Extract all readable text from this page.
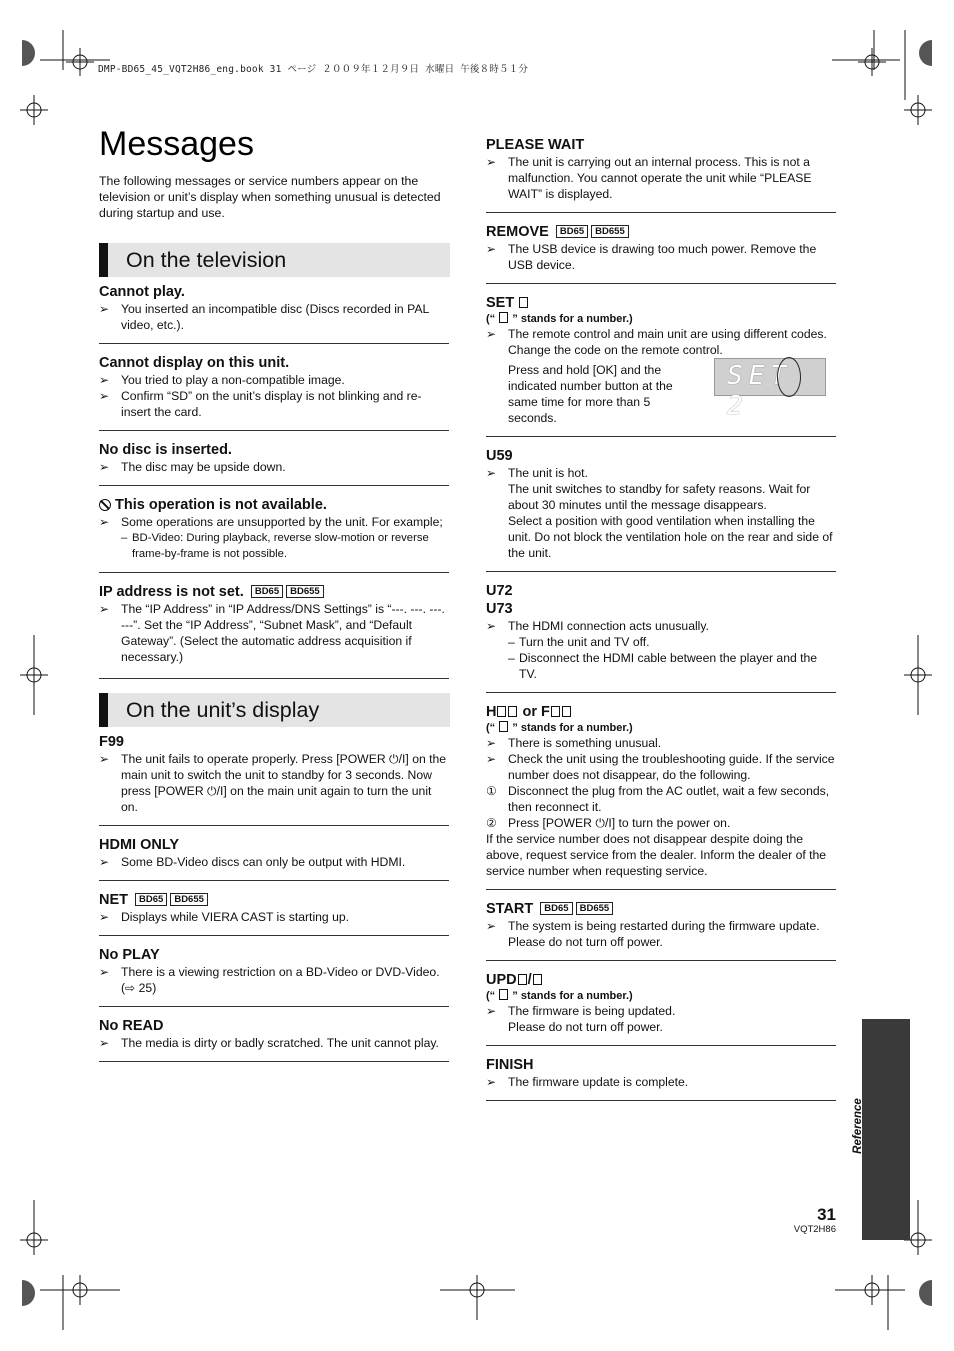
DMP-BD65_45_VQT2H86_eng.book 31 ページ ２００９年１２月９日 水曜日 午後８時５１分
Messages
The following messages or service numbers appear on the television or unit’s display when something unusual is detected during startup and use.
On the television
Cannot play.
➢ You inserted an incompatible disc (Discs recorded in PAL video, etc.).
Cannot display on this unit.
➢ You tried to play a non-compatible image.
➢ Confirm “SD” on the unit’s display is not blinking and re-insert the card.
No disc is inserted.
➢ The disc may be upside down.
This operation is not available.
➢ Some operations are unsupported by the unit. For example;
– BD-Video: During playback, reverse slow-motion or reverse frame-by-frame is not possible.
IP address is not set. BD65 BD655
➢ The “IP Address” in “IP Address/DNS Settings” is “---. ---. ---. ---”. Set the “IP Address”, “Subnet Mask”, and “Default Gateway”. (Select the automatic address acquisition if necessary.)
On the unit’s display
F99
➢ The unit fails to operate properly. Press [POWER ⏻/I] on the main unit to switch the unit to standby for 3 seconds. Now press [POWER ⏻/I] on the main unit again to turn the unit on.
HDMI ONLY
➢ Some BD-Video discs can only be output with HDMI.
NET BD65 BD655
➢ Displays while VIERA CAST is starting up.
No PLAY
➢ There is a viewing restriction on a BD-Video or DVD-Video. (⇨ 25)
No READ
➢ The media is dirty or badly scratched. The unit cannot play.
PLEASE WAIT
➢ The unit is carrying out an internal process. This is not a malfunction. You cannot operate the unit while “PLEASE WAIT” is displayed.
REMOVE BD65 BD655
➢ The USB device is drawing too much power. Remove the USB device.
SET
(“ ” stands for a number.)
➢ The remote control and main unit are using different codes. Change the code on the remote control.
Press and hold [OK] and the indicated number button at the same time for more than 5 seconds.
U59
➢ The unit is hot.
The unit switches to standby for safety reasons. Wait for about 30 minutes until the message disappears.
Select a position with good ventilation when installing the unit. Do not block the ventilation hole on the rear and side of the unit.
U72
U73
➢ The HDMI connection acts unusually.
– Turn the unit and TV off.
– Disconnect the HDMI cable between the player and the TV.
H or F
(“ ” stands for a number.)
➢ There is something unusual.
➢ Check the unit using the troubleshooting guide. If the service number does not disappear, do the following.
① Disconnect the plug from the AC outlet, wait a few seconds, then reconnect it.
② Press [POWER ⏻/I] to turn the power on.
If the service number does not disappear despite doing the above, request service from the dealer. Inform the dealer of the service number when requesting service.
START BD65 BD655
➢ The system is being restarted during the firmware update. Please do not turn off power.
UPD /
(“ ” stands for a number.)
➢ The firmware is being updated.
Please do not turn off power.
FINISH
➢ The firmware update is complete.
SET 2
Reference
31
VQT2H86
